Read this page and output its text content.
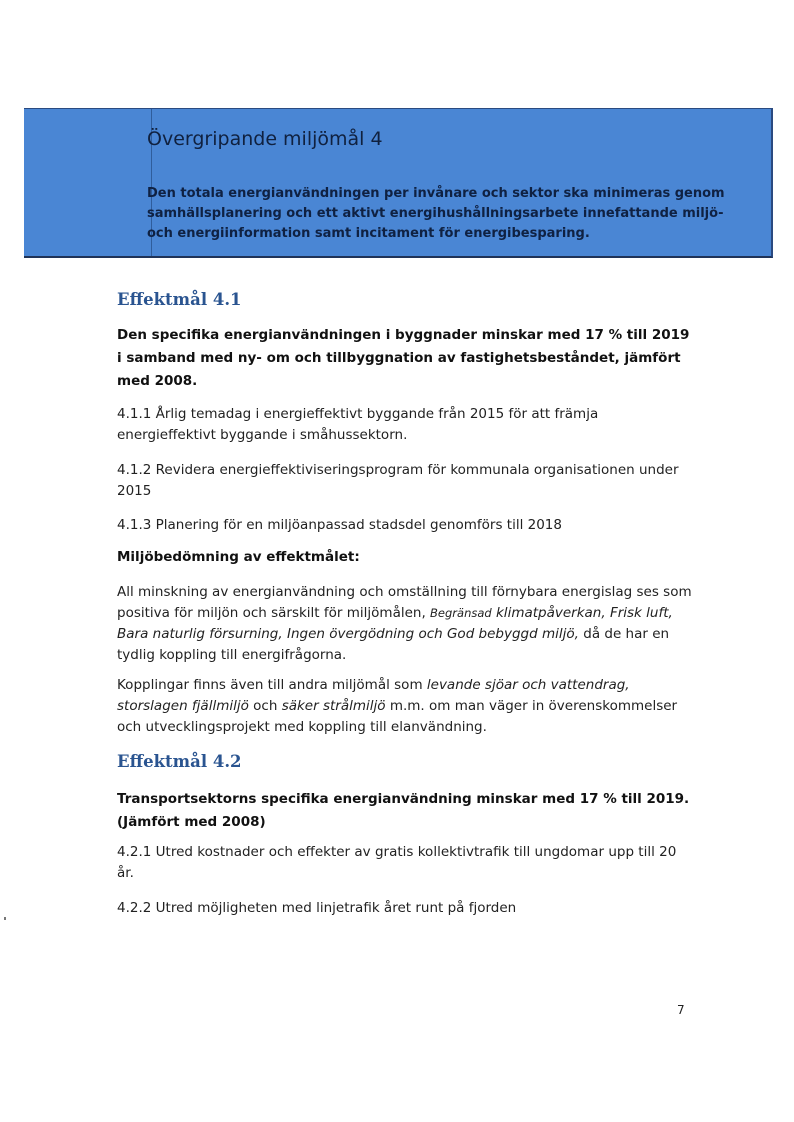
Övergripande miljömål 4
Den totala energianvändningen per invånare och sektor ska minimeras genom samhällsplanering och ett aktivt energihushållningsarbete innefattande miljö- och energiinformation samt incitament för energibesparing.
Effektmål 4.1
Den specifika energianvändningen i byggnader minskar med 17 % till 2019 i samband med ny- om och tillbyggnation av fastighetsbeståndet, jämfört med 2008.
4.1.1 Årlig temadag i energieffektivt byggande från 2015 för att främja energieffektivt byggande i småhussektorn.
4.1.2 Revidera energieffektiviseringsprogram för kommunala organisationen under 2015
4.1.3 Planering för en miljöanpassad stadsdel genomförs till 2018
Miljöbedömning av effektmålet:
All minskning av energianvändning och omställning till förnybara energislag ses som positiva för miljön och särskilt för miljömålen, Begränsad klimatpåverkan, Frisk luft, Bara naturlig försurning, Ingen övergödning och God bebyggd miljö, då de har en tydlig koppling till energifrågorna.
Kopplingar finns även till andra miljömål som levande sjöar och vattendrag, storslagen fjällmiljö och säker strålmiljö m.m. om man väger in överenskommelser och utvecklingsprojekt med koppling till elanvändning.
Effektmål 4.2
Transportsektorns specifika energianvändning minskar med 17 % till 2019. (Jämfört med 2008)
4.2.1 Utred kostnader och effekter av gratis kollektivtrafik till ungdomar upp till 20 år.
4.2.2 Utred möjligheten med linjetrafik året runt på fjorden
7
